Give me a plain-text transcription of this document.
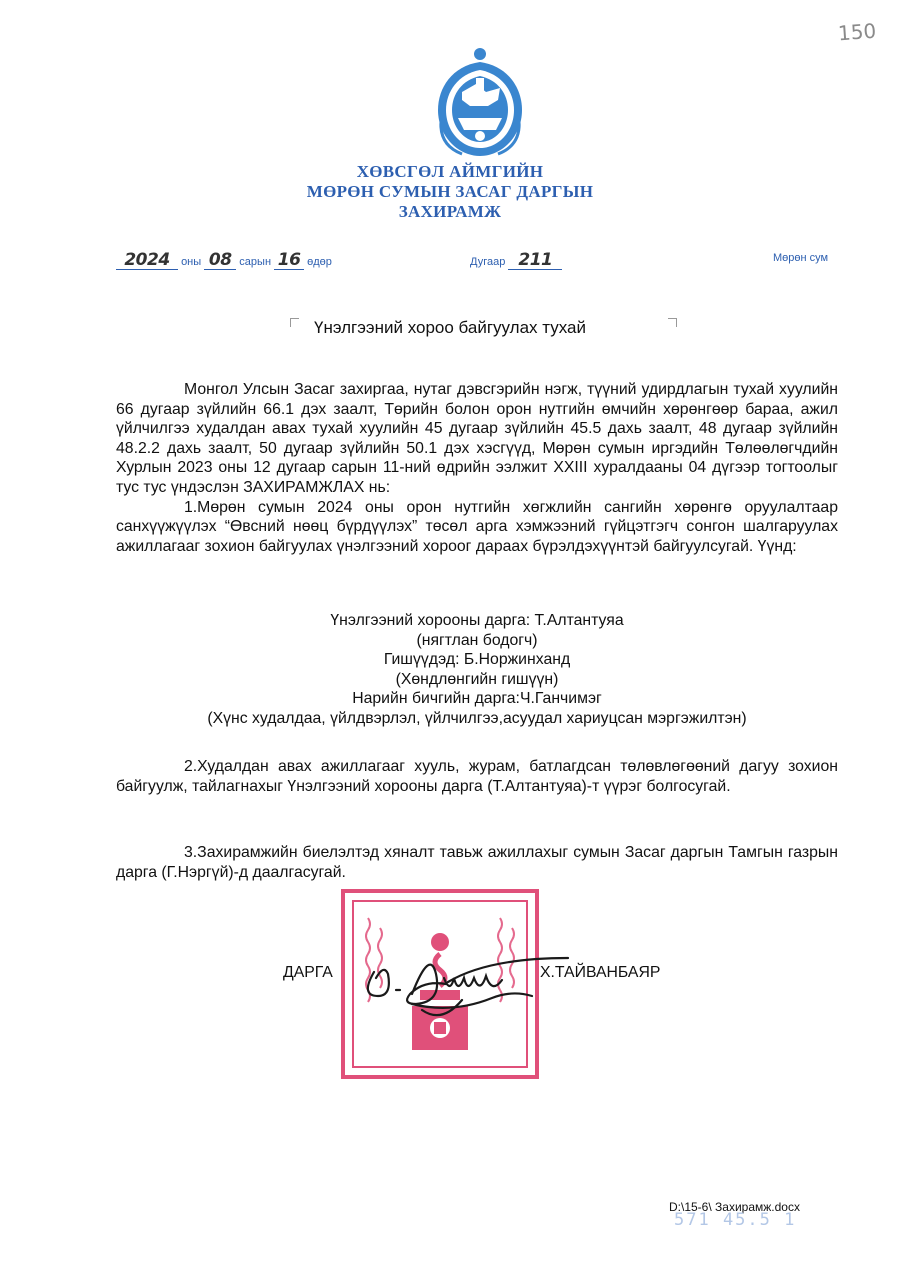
150
ХӨВСГӨЛ АЙМГИЙН
МӨРӨН СУМЫН ЗАСАГ ДАРГЫН
ЗАХИРАМЖ
2024 оны 08 сарын 16 өдөр	Дугаар 211	Мөрөн сум
Үнэлгээний хороо байгуулах тухай

Монгол Улсын Засаг захиргаа, нутаг дэвсгэрийн нэгж, түүний удирдлагын тухай хуулийн 66 дугаар зүйлийн 66.1 дэх заалт, Төрийн болон орон нутгийн өмчийн хөрөнгөөр бараа, ажил үйлчилгээ худалдан авах тухай хуулийн 45 дугаар зүйлийн 45.5 дахь заалт, 48 дугаар зүйлийн 48.2.2 дахь заалт, 50 дугаар зүйлийн 50.1 дэх хэсгүүд, Мөрөн сумын иргэдийн Төлөөлөгчдийн Хурлын 2023 оны 12 дугаар сарын 11-ний өдрийн ээлжит XXIII хуралдааны 04 дүгээр тогтоолыг тус тус үндэслэн ЗАХИРАМЖЛАХ нь:

1.Мөрөн сумын 2024 оны орон нутгийн хөгжлийн сангийн хөрөнгө оруулалтаар санхүүжүүлэх “Өвсний нөөц бүрдүүлэх” төсөл арга хэмжээний гүйцэтгэгч сонгон шалгаруулах ажиллагааг зохион байгуулах үнэлгээний хороог дараах бүрэлдэхүүнтэй байгуулсугай. Үүнд:

Үнэлгээний хорооны дарга: Т.Алтантуяа
(нягтлан бодогч)
Гишүүдэд: Б.Норжинханд
(Хөндлөнгийн гишүүн)
Нарийн бичгийн дарга:Ч.Ганчимэг
(Хүнс худалдаа, үйлдвэрлэл, үйлчилгээ,асуудал хариуцсан мэргэжилтэн)

2.Худалдан авах ажиллагааг хууль, журам, батлагдсан төлөвлөгөөний дагуу зохион байгуулж, тайлагнахыг Үнэлгээний хорооны дарга (Т.Алтантуяа)-т үүрэг болгосугай.

3.Захирамжийн биелэлтэд хяналт тавьж ажиллахыг сумын Засаг даргын Тамгын газрын дарга (Г.Нэргүй)-д даалгасугай.

ДАРГА	Х.ТАЙВАНБАЯР
D:\15-6\ Захирамж.docx
571 45.5 1
